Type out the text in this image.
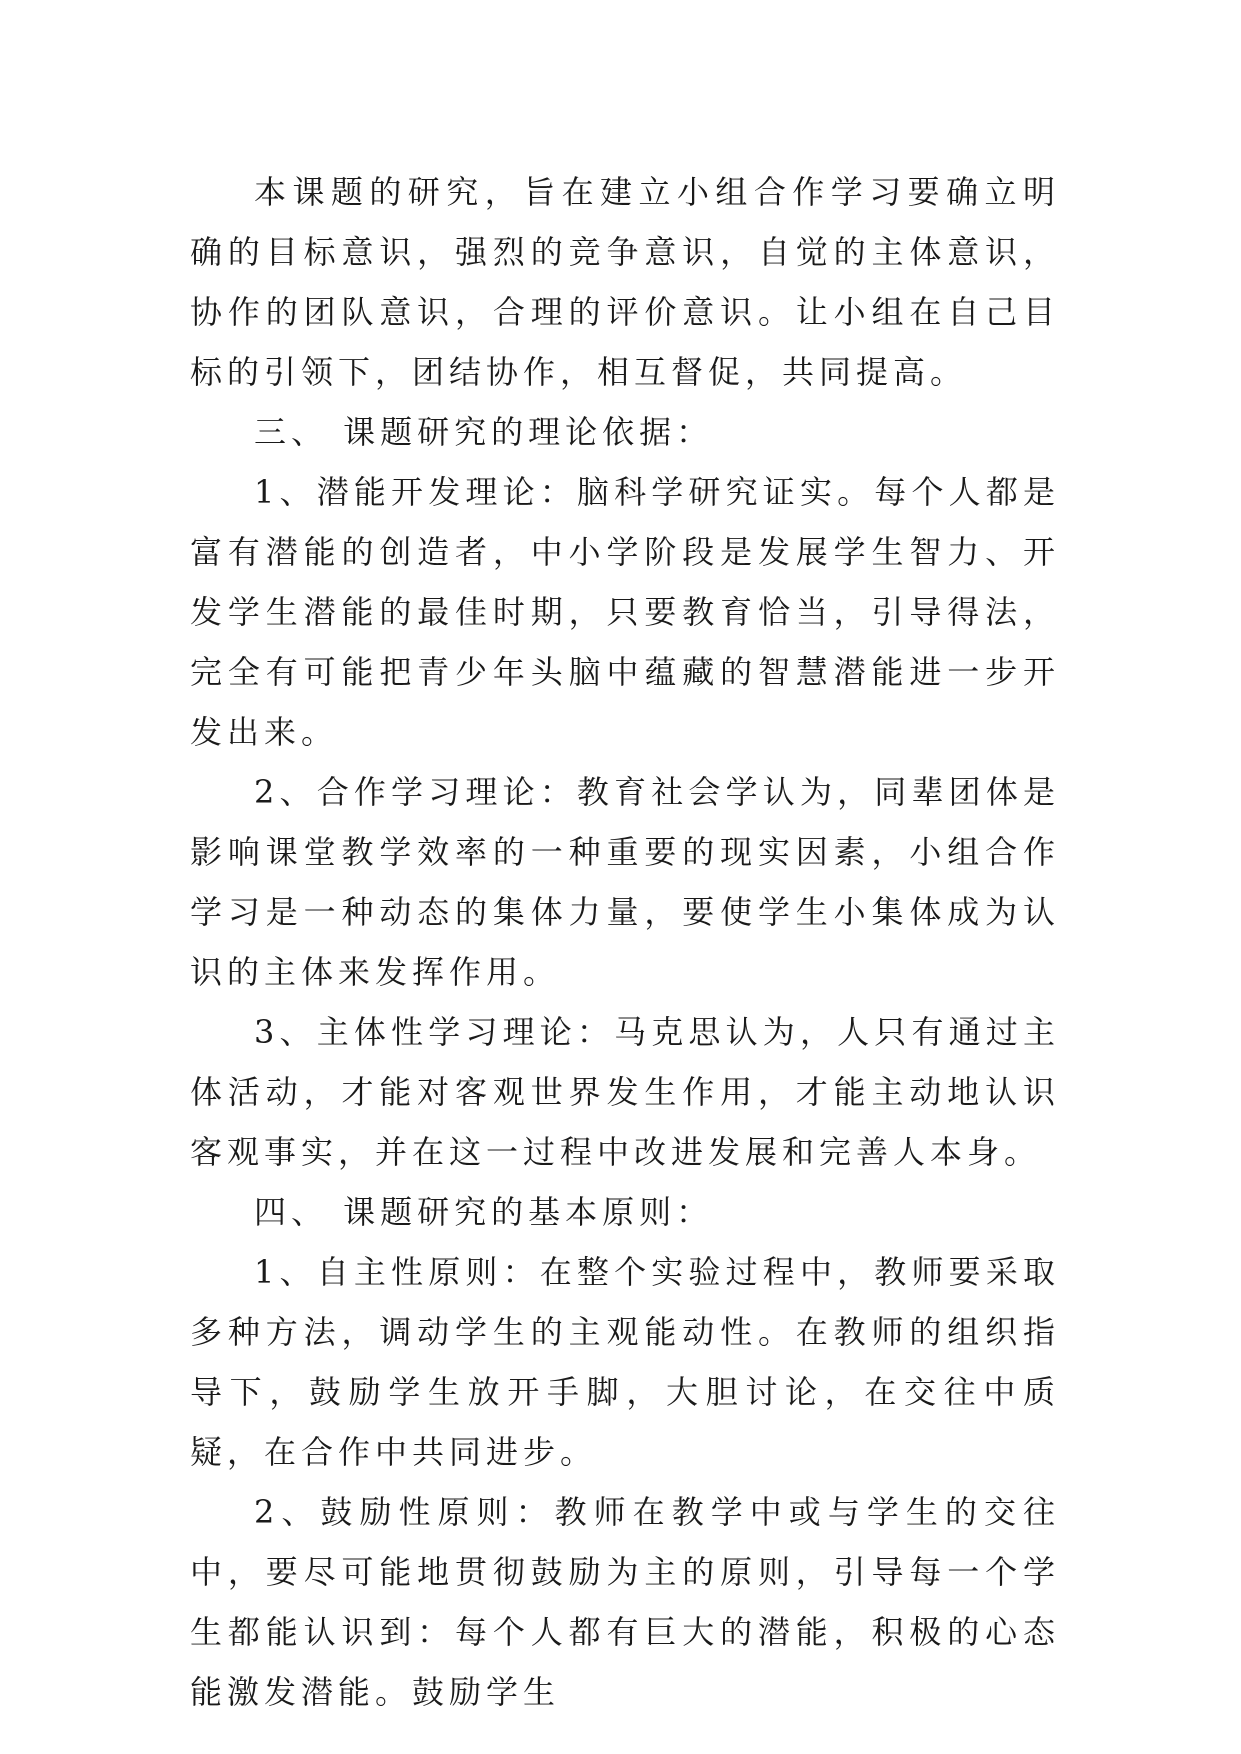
本课题的研究，旨在建立小组合作学习要确立明确的目标意识，强烈的竞争意识，自觉的主体意识，协作的团队意识，合理的评价意识。让小组在自己目标的引领下，团结协作，相互督促，共同提高。

三、 课题研究的理论依据：

1、潜能开发理论：脑科学研究证实。每个人都是富有潜能的创造者，中小学阶段是发展学生智力、开发学生潜能的最佳时期，只要教育恰当，引导得法，完全有可能把青少年头脑中蕴藏的智慧潜能进一步开发出来。

2、合作学习理论：教育社会学认为，同辈团体是影响课堂教学效率的一种重要的现实因素，小组合作学习是一种动态的集体力量，要使学生小集体成为认识的主体来发挥作用。

3、主体性学习理论：马克思认为，人只有通过主体活动，才能对客观世界发生作用，才能主动地认识客观事实，并在这一过程中改进发展和完善人本身。

四、 课题研究的基本原则：

1、自主性原则：在整个实验过程中，教师要采取多种方法，调动学生的主观能动性。在教师的组织指导下，鼓励学生放开手脚，大胆讨论，在交往中质疑，在合作中共同进步。

2、鼓励性原则：教师在教学中或与学生的交往中，要尽可能地贯彻鼓励为主的原则，引导每一个学生都能认识到：每个人都有巨大的潜能，积极的心态能激发潜能。鼓励学生
